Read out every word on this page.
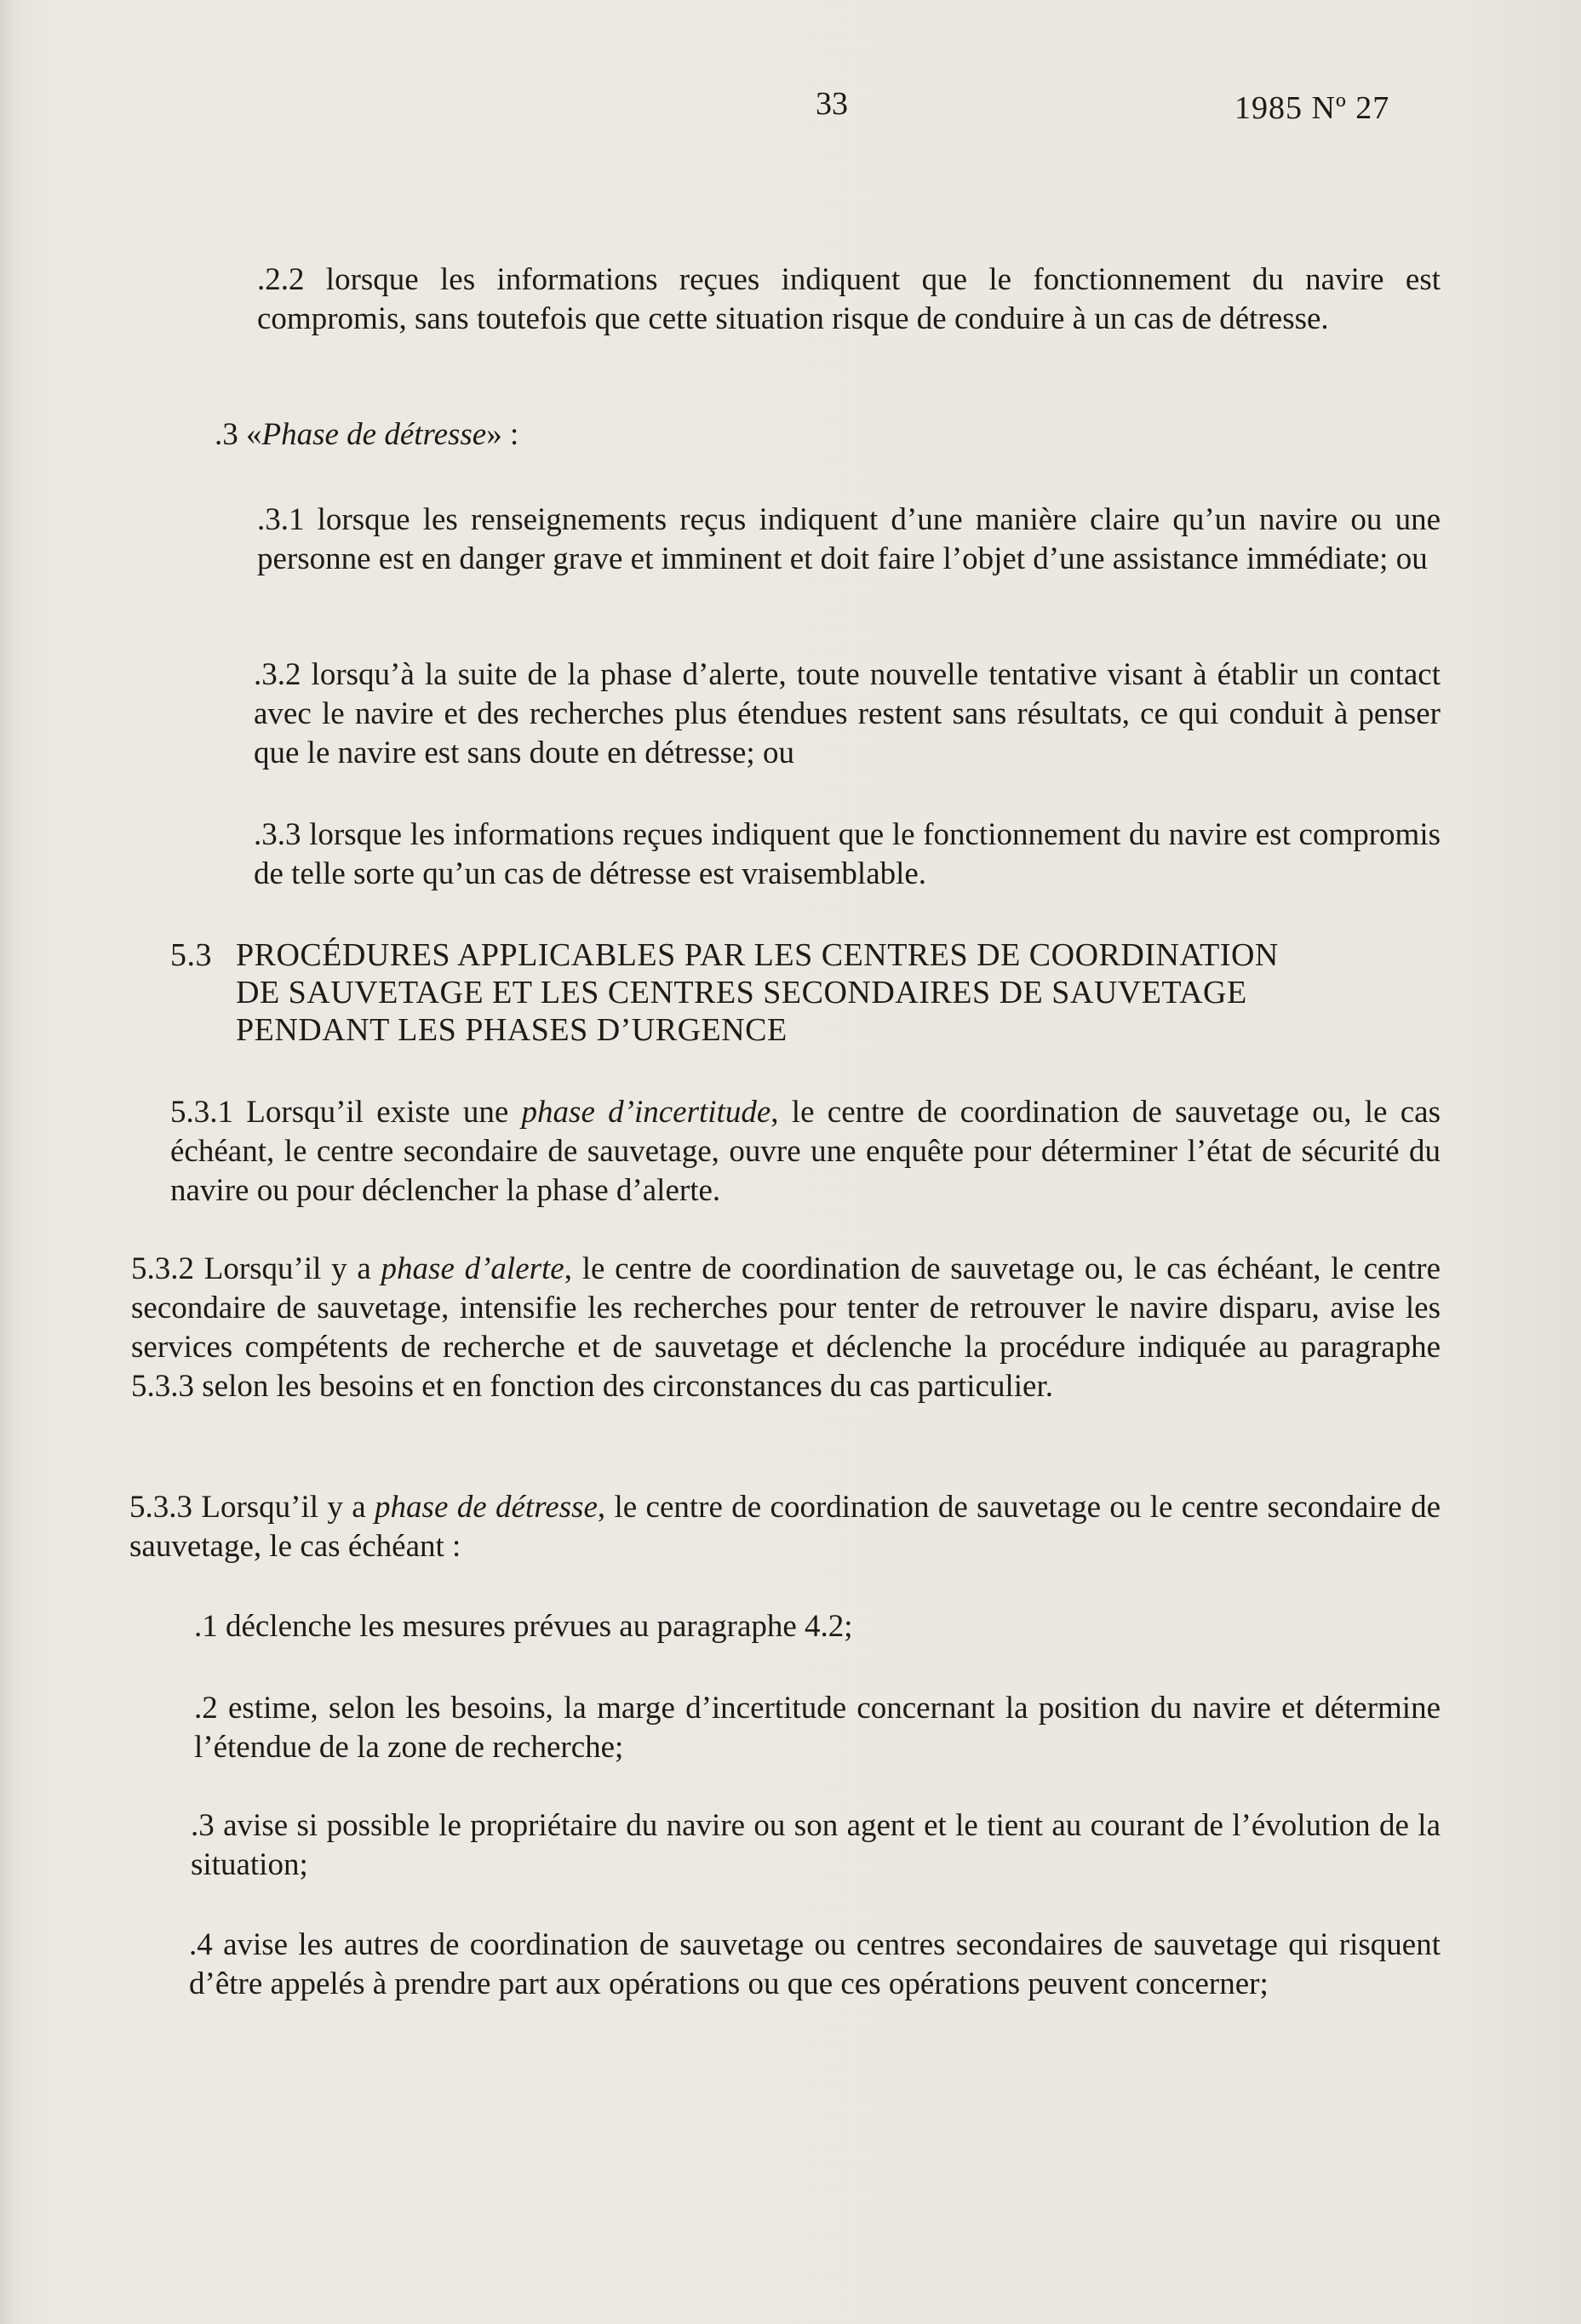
33	1985 Nº 27
.2.2 lorsque les informations reçues indiquent que le fonctionnement du navire est compromis, sans toutefois que cette situation risque de conduire à un cas de détresse.
.3 «Phase de détresse» :
.3.1 lorsque les renseignements reçus indiquent d’une manière claire qu’un navire ou une personne est en danger grave et imminent et doit faire l’objet d’une assistance immédiate; ou
.3.2 lorsqu’à la suite de la phase d’alerte, toute nouvelle tentative visant à établir un contact avec le navire et des recherches plus étendues restent sans résultats, ce qui conduit à penser que le navire est sans doute en détresse; ou
.3.3 lorsque les informations reçues indiquent que le fonctionnement du navire est compromis de telle sorte qu’un cas de détresse est vraisemblable.
5.3 PROCÉDURES APPLICABLES PAR LES CENTRES DE COORDINATION
DE SAUVETAGE ET LES CENTRES SECONDAIRES DE SAUVETAGE
PENDANT LES PHASES D’URGENCE
5.3.1 Lorsqu’il existe une phase d’incertitude, le centre de coordination de sauvetage ou, le cas échéant, le centre secondaire de sauvetage, ouvre une enquête pour déterminer l’état de sécurité du navire ou pour déclencher la phase d’alerte.
5.3.2 Lorsqu’il y a phase d’alerte, le centre de coordination de sauvetage ou, le cas échéant, le centre secondaire de sauvetage, intensifie les recherches pour tenter de retrouver le navire disparu, avise les services compétents de recherche et de sauvetage et déclenche la procédure indiquée au paragraphe 5.3.3 selon les besoins et en fonction des circonstances du cas particulier.
5.3.3 Lorsqu’il y a phase de détresse, le centre de coordination de sauvetage ou le centre secondaire de sauvetage, le cas échéant :
.1 déclenche les mesures prévues au paragraphe 4.2;
.2 estime, selon les besoins, la marge d’incertitude concernant la position du navire et détermine l’étendue de la zone de recherche;
.3 avise si possible le propriétaire du navire ou son agent et le tient au courant de l’évolution de la situation;
.4 avise les autres de coordination de sauvetage ou centres secondaires de sauvetage qui risquent d’être appelés à prendre part aux opérations ou que ces opérations peuvent concerner;
